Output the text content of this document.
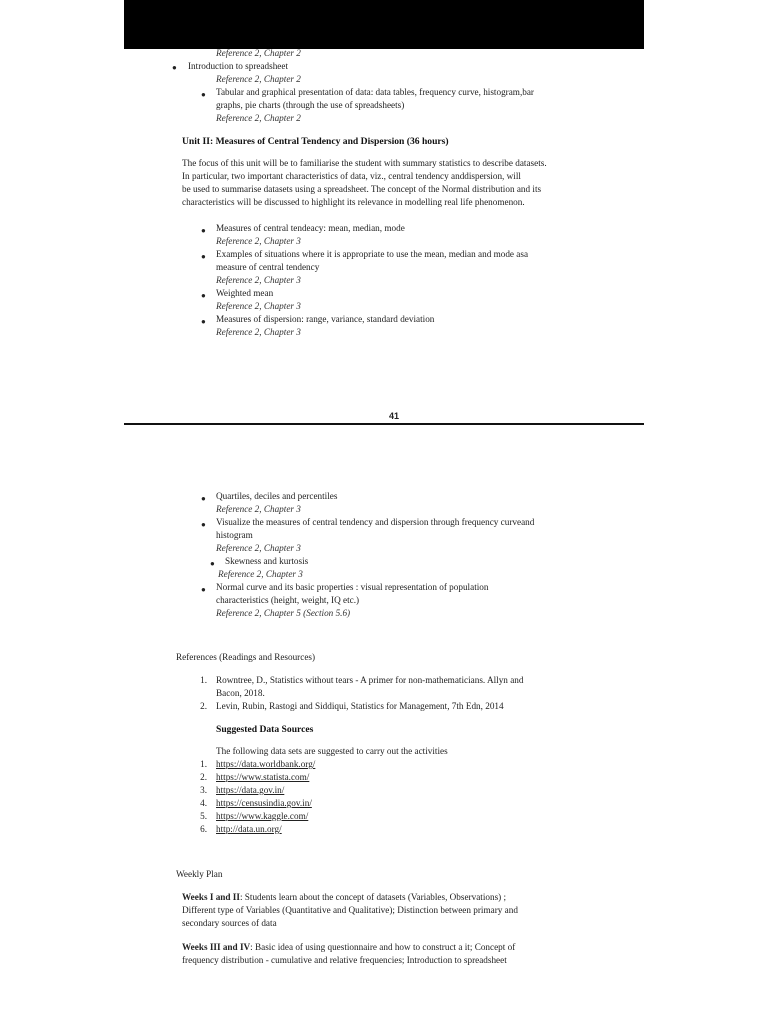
Reference 2, Chapter 2
● Introduction to spreadsheet
Reference 2, Chapter 2
● Tabular and graphical presentation of data: data tables, frequency curve, histogram,bar
graphs, pie charts (through the use of spreadsheets)
Reference 2, Chapter 2
Unit II: Measures of Central Tendency and Dispersion (36 hours)
The focus of this unit will be to familiarise the student with summary statistics to describe datasets.
In particular, two important characteristics of data, viz., central tendency anddispersion, will
be used to summarise datasets using a spreadsheet. The concept of the Normal distribution and its
characteristics will be discussed to highlight its relevance in modelling real life phenomenon.
● Measures of central tendeacy: mean, median, mode
Reference 2, Chapter 3
● Examples of situations where it is appropriate to use the mean, median and mode asa
measure of central tendency
Reference 2, Chapter 3
● Weighted mean
Reference 2, Chapter 3
● Measures of dispersion: range, variance, standard deviation
Reference 2, Chapter 3
41
● Quartiles, deciles and percentiles
Reference 2, Chapter 3
● Visualize the measures of central tendency and dispersion through frequency curveand
histogram
Reference 2, Chapter 3
● Skewness and kurtosis
Reference 2, Chapter 3
● Normal curve and its basic properties : visual representation of population
characteristics (height, weight, IQ etc.)
Reference 2, Chapter 5 (Section 5.6)
References (Readings and Resources)
1. Rowntree, D., Statistics without tears - A primer for non-mathematicians. Allyn and
Bacon, 2018.
2. Levin, Rubin, Rastogi and Siddiqui, Statistics for Management, 7th Edn, 2014
Suggested Data Sources
The following data sets are suggested to carry out the activities
1. https://data.worldbank.org/
2. https://www.statista.com/
3. https://data.gov.in/
4. https://censusindia.gov.in/
5. https://www.kaggle.com/
6. http://data.un.org/
Weekly Plan
Weeks I and II: Students learn about the concept of datasets (Variables, Observations) ;
Different type of Variables (Quantitative and Qualitative); Distinction between primary and
secondary sources of data
Weeks III and IV: Basic idea of using questionnaire and how to construct a it; Concept of
frequency distribution - cumulative and relative frequencies; Introduction to spreadsheet
